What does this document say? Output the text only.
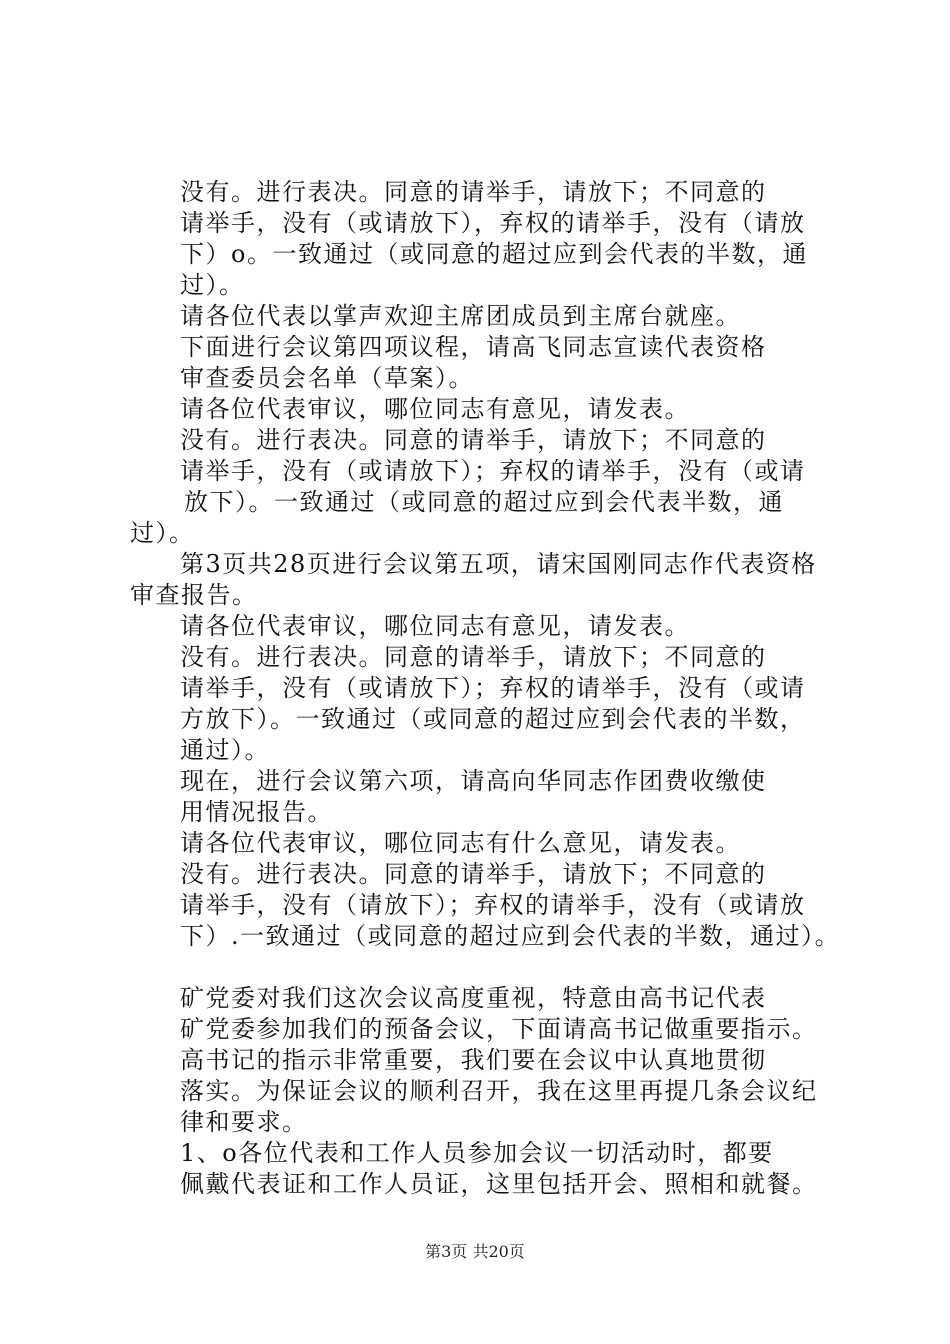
没有。进行表决。同意的请举手，请放下；不同意的
请举手，没有（或请放下），弃权的请举手，没有（请放
下）o。一致通过（或同意的超过应到会代表的半数，通
过）。
请各位代表以掌声欢迎主席团成员到主席台就座。
下面进行会议第四项议程，请高飞同志宣读代表资格
审查委员会名单（草案）。
请各位代表审议，哪位同志有意见，请发表。
没有。进行表决。同意的请举手，请放下；不同意的
请举手，没有（或请放下）；弃权的请举手，没有（或请
放下）。一致通过（或同意的超过应到会代表半数，通
过）。
第3页共28页进行会议第五项，请宋国刚同志作代表资格
审查报告。
请各位代表审议，哪位同志有意见，请发表。
没有。进行表决。同意的请举手，请放下；不同意的
请举手，没有（或请放下）；弃权的请举手，没有（或请
方放下）。一致通过（或同意的超过应到会代表的半数，
通过）。
现在，进行会议第六项，请高向华同志作团费收缴使
用情况报告。
请各位代表审议，哪位同志有什么意见，请发表。
没有。进行表决。同意的请举手，请放下；不同意的
请举手，没有（请放下）；弃权的请举手，没有（或请放
下）.一致通过（或同意的超过应到会代表的半数，通过）。
矿党委对我们这次会议高度重视，特意由高书记代表
矿党委参加我们的预备会议，下面请高书记做重要指示。
高书记的指示非常重要，我们要在会议中认真地贯彻
落实。为保证会议的顺利召开，我在这里再提几条会议纪
律和要求。
1、o各位代表和工作人员参加会议一切活动时，都要
佩戴代表证和工作人员证，这里包括开会、照相和就餐。
第3页 共20页
